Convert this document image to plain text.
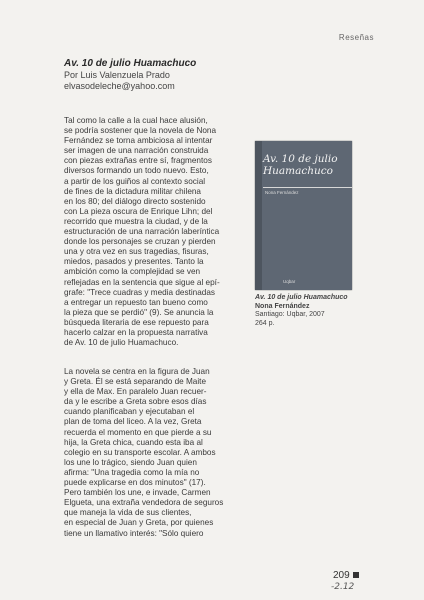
Reseñas
Av. 10 de julio Huamachuco
Por Luis Valenzuela Prado
elvasodeleche@yahoo.com
Tal como la calle a la cual hace alusión,
se podría sostener que la novela de Nona
Fernández se torna ambiciosa al intentar
ser imagen de una narración construida
con piezas extrañas entre sí, fragmentos
diversos formando un todo nuevo. Esto,
a partir de los guiños al contexto social
de fines de la dictadura militar chilena
en los 80; del diálogo directo sostenido
con La pieza oscura de Enrique Lihn; del
recorrido que muestra la ciudad, y de la
estructuración de una narración laberíntica
donde los personajes se cruzan y pierden
una y otra vez en sus tragedias, fisuras,
miedos, pasados y presentes. Tanto la
ambición como la complejidad se ven
reflejadas en la sentencia que sigue al epí-
grafe: "Trece cuadras y media destinadas
a entregar un repuesto tan bueno como
la pieza que se perdió" (9). Se anuncia la
búsqueda literaria de ese repuesto para
hacerlo calzar en la propuesta narrativa
de Av. 10 de julio Huamachuco.
La novela se centra en la figura de Juan
y Greta. Él se está separando de Maite
y ella de Max. En paralelo Juan recuer-
da y le escribe a Greta sobre esos días
cuando planificaban y ejecutaban el
plan de toma del liceo. A la vez, Greta
recuerda el momento en que pierde a su
hija, la Greta chica, cuando esta iba al
colegio en su transporte escolar. A ambos
los une lo trágico, siendo Juan quien
afirma: "Una tragedia como la mía no
puede explicarse en dos minutos" (17).
Pero también los une, e invade, Carmen
Elgueta, una extraña vendedora de seguros
que maneja la vida de sus clientes,
en especial de Juan y Greta, por quienes
tiene un llamativo interés: "Sólo quiero
Av. 10 de julio
Huamachuco
Nona Fernández
Uqbar
Av. 10 de julio Huamachuco
Nona Fernández
Santiago: Uqbar, 2007
264 p.
209
-2.12
